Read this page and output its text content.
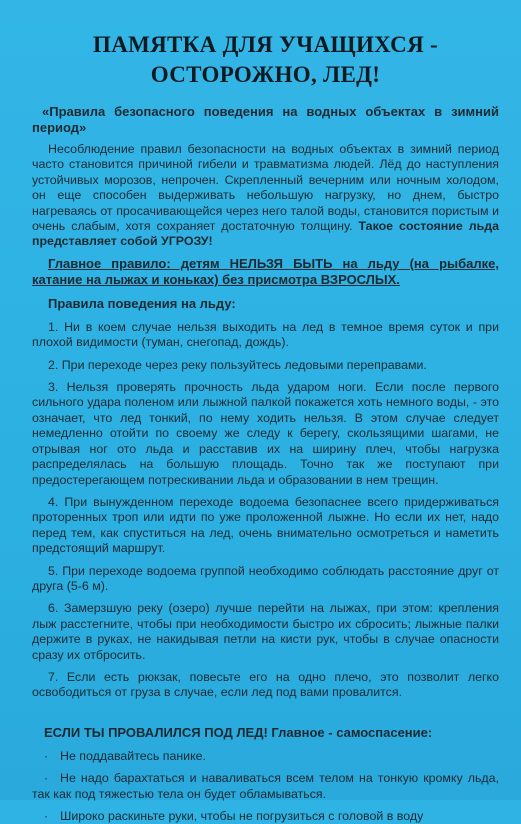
ПАМЯТКА ДЛЯ УЧАЩИХСЯ -
ОСТОРОЖНО, ЛЕД!
«Правила безопасного поведения на водных объектах в зимний период»

Несоблюдение правил безопасности на водных объектах в зимний период часто становится причиной гибели и травматизма людей. Лёд до наступления устойчивых морозов, непрочен. Скрепленный вечерним или ночным холодом, он еще способен выдерживать небольшую нагрузку, но днем, быстро нагреваясь от просачивающейся через него талой воды, становится пористым и очень слабым, хотя сохраняет достаточную толщину. Такое состояние льда представляет собой УГРОЗУ!

Главное правило: детям НЕЛЬЗЯ БЫТЬ на льду (на рыбалке, катание на лыжах и коньках) без присмотра ВЗРОСЛЫХ.
Правила поведения на льду:
1. Ни в коем случае нельзя выходить на лед в темное время суток и при плохой видимости (туман, снегопад, дождь).
2. При переходе через реку пользуйтесь ледовыми переправами.
3. Нельзя проверять прочность льда ударом ноги. Если после первого сильного удара поленом или лыжной палкой покажется хоть немного воды, - это означает, что лед тонкий, по нему ходить нельзя. В этом случае следует немедленно отойти по своему же следу к берегу, скользящими шагами, не отрывая ног ото льда и расставив их на ширину плеч, чтобы нагрузка распределялась на большую площадь. Точно так же поступают при предостерегающем потрескивании льда и образовании в нем трещин.
4. При вынужденном переходе водоема безопаснее всего придерживаться проторенных троп или идти по уже проложенной лыжне. Но если их нет, надо перед тем, как спуститься на лед, очень внимательно осмотреться и наметить предстоящий маршрут.
5. При переходе водоема группой необходимо соблюдать расстояние друг от друга (5-6 м).
6. Замерзшую реку (озеро) лучше перейти на лыжах, при этом: крепления лыж расстегните, чтобы при необходимости быстро их сбросить; лыжные палки держите в руках, не накидывая петли на кисти рук, чтобы в случае опасности сразу их отбросить.
7. Если есть рюкзак, повесьте его на одно плечо, это позволит легко освободиться от груза в случае, если лед под вами провалится.
ЕСЛИ ТЫ ПРОВАЛИЛСЯ ПОД ЛЕД! Главное - самоспасение:
· Не поддавайтесь панике.
· Не надо барахтаться и наваливаться всем телом на тонкую кромку льда, так как под тяжестью тела он будет обламываться.
· Широко раскиньте руки, чтобы не погрузиться с головой в воду
